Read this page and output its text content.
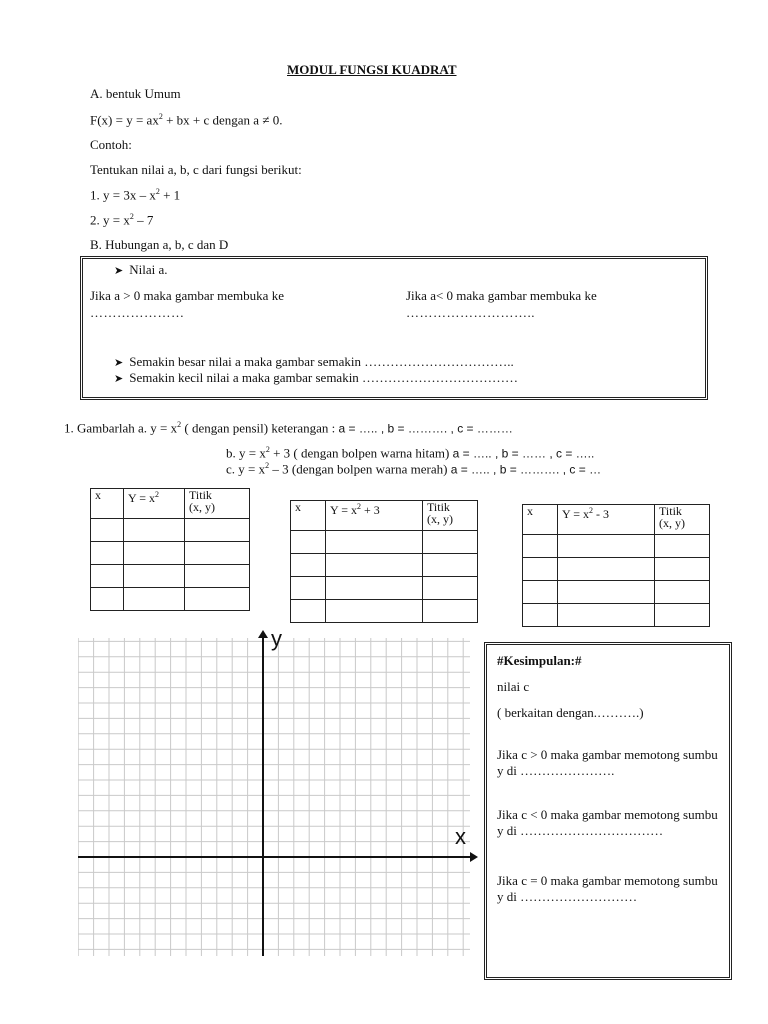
MODUL FUNGSI KUADRAT
A. bentuk Umum
$F(x) = y = ax^2$ + bx + c dengan a ≠ 0.
Contoh:
Tentukan nilai a, b, c dari fungsi berikut:
1. $y = 3x - x^2 + 1$
2. $y = x^2 - 7$
B. Hubungan a, b, c dan D
➤ Nilai a.
Jika a > 0 maka gambar membuka ke
…………………
Jika a< 0 maka gambar membuka ke
………………………..
➤ Semakin besar nilai a maka gambar semakin ……………………………..
➤ Semakin kecil nilai a maka gambar semakin ………………………………
1. Gambarlah a. $y = x^2$ ( dengan pensil) keterangan : a = ….. , b = ………. , c = ………
b. $y = x^2 + 3$ ( dengan bolpen warna hitam) a = ….. , b = …… , c = …..
c. $y = x^2 - 3$ (dengan bolpen warna merah) a = ….. , b = ………. , c = …
x	$Y = x^2$	Titik
(x, y)

			x	$Y = x^2 + 3$	Titik
(x, y)

x	$Y = x^2 - 3$	Titik
(x, y)

y
x

#Kesimpulan:#

nilai c

( berkaitan dengan.……….)

Jika c > 0 maka gambar memotong sumbu y di ………………….

Jika c < 0 maka gambar memotong sumbu y di ……………………………

Jika c = 0 maka gambar memotong sumbu y di ………………………
